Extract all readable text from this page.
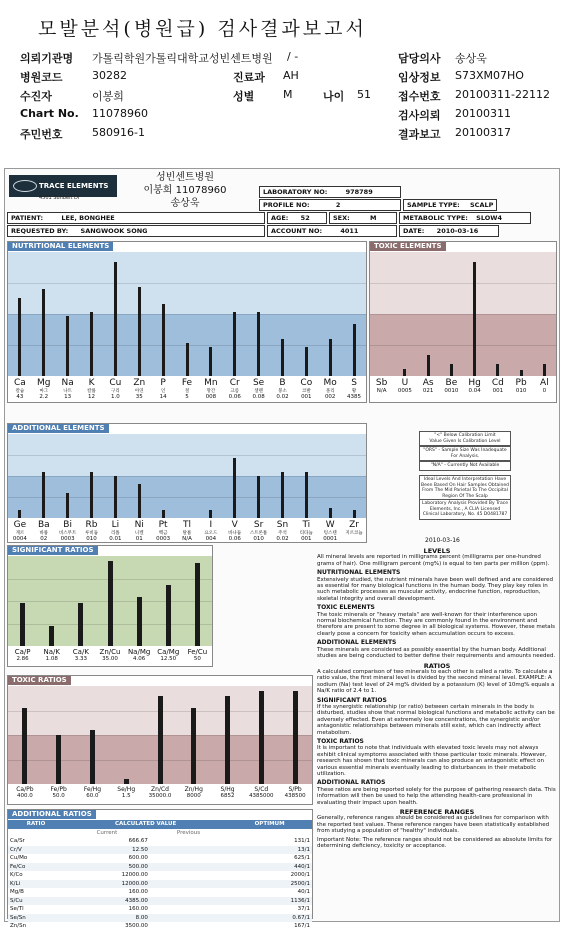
모발분석(병원급) 검사결과보고서
의뢰기관명 가톨릭학원가톨릭대학교성빈센트병원 / -
병원코드	30282
수진자	이봉희
Chart No. 11078960
주민번호	580916-1
진료과 AH
성별	M	나이 51
담당의사 송상욱
임상정보 S73XM07HO
접수번호 20100311-22112
검사의뢰 20100311
결과보고 20100317
TRACE ELEMENTS
4501 Sunbelt Dr
성빈센트병원
이봉희 11078960
송상욱
LABORATORY NO:	978789
PROFILE NO:	2	SAMPLE TYPE: SCALP
PATIENT:	LEE, BONGHEE	AGE: 52	SEX:	M	METABOLIC TYPE: SLOW4
REQUESTED BY: SANGWOOK SONG	ACCOUNT NO:	4011	DATE: 2010-03-16
NUTRITIONAL ELEMENTS
Ca
칼슘
43
Mg
마그
2.2
Na
나트
13
K
칼륨
12
Cu
구리
1.0
Zn
아연
35
P
인
14
Fe
철
5
Mn
망간
008
Cr
크롬
0.06
Se
셀렌
0.08
B
붕소
0.02
Co
코발
001
Mo
몰리
002
S
황
4385
TOXIC ELEMENTS
Sb
N/A
U
0005
As
021
Be
0010
Hg
0.04
Cd
001
Pb
010
Al
0
ADDITIONAL ELEMENTS
Ge
게르
0004
Ba
바륨
02
Bi
비스무트
0003
Rb
루비듐
010
Li
리튬
0.01
Ni
니켈
01
Pt
백금
0003
Tl
탈륨
N/A
I
요오드
004
V
바나듐
0.06
Sr
스트론튬
010
Sn
주석
0.02
Ti
티타늄
001
W
텅스텐
0001
Zr
지르코늄
"<" Below Calibration Limit
Value Given Is Calibration Level
"ORS" - Sample Size Was Inadequate For Analysis.
"N/A" - Currently Not Available
Ideal Levels And Interpretation Have Been Based On Hair Samples Obtained From The Mid Parietal To The Occipital Region Of The Scalp
Laboratory Analysis Provided By Trace Elements, Inc., A CLIA Licensed Clinical Laboratory, No. 45 D0481787
2010-03-16
SIGNIFICANT RATIOS
Ca/P
2.86
Na/K
1.08
Ca/K
3.33
Zn/Cu
35.00
Na/Mg
4.06
Ca/Mg
12.50
Fe/Cu
50
TOXIC RATIOS
Ca/Pb
400.0
Fe/Pb
50.0
Fe/Hg
60.0
Se/Hg
1.5
Zn/Cd
35000.0
Zn/Hg
8000
S/Hg
6852
S/Cd
4385000
S/Pb
438500
ADDITIONAL RATIOS
RATIO	CALCULATED VALUE		OPTIMUM
	Current	Previous	
Ca/Sr	666.67		131/1
Cr/V	12.50		13/1
Cu/Mo	600.00		625/1
Fe/Co	500.00		440/1
K/Co	12000.00		2000/1
K/Li	12000.00		2500/1
Mg/B	160.00		40/1
S/Cu	4385.00		1136/1
Se/Tl	160.00		37/1
Se/Sn	8.00		0.67/1
Zn/Sn	3500.00		167/1
LEVELS

All mineral levels are reported in milligrams percent (milligrams per one-hundred grams of hair). One milligram percent (mg%) is equal to ten parts per million (ppm).

NUTRITIONAL ELEMENTS

Extensively studied, the nutrient minerals have been well defined and are considered as essential for many biological functions in the human body. They play key roles in such metabolic processes as muscular activity, endocrine function, reproduction, skeletal integrity and overall development.

TOXIC ELEMENTS

The toxic minerals or "heavy metals" are well-known for their interference upon normal biochemical function. They are commonly found in the environment and therefore are present to some degree in all biological systems. However, these metals clearly pose a concern for toxicity when accumulation occurs to excess.

ADDITIONAL ELEMENTS

These minerals are considered as possibly essential by the human body. Additional studies are being conducted to better define their requirements and amounts needed.

RATIOS

A calculated comparison of two minerals to each other is called a ratio. To calculate a ratio value, the first mineral level is divided by the second mineral level. EXAMPLE: A sodium (Na) test level of 24 mg% divided by a potassium (K) level of 10mg% equals a Na/K ratio of 2.4 to 1.

SIGNIFICANT RATIOS

If the synergistic relationship (or ratio) between certain minerals in the body is disturbed, studies show that normal biological functions and metabolic activity can be adversely effected. Even at extremely low concentrations, the synergistic and/or antagonistic relationships between minerals still exist, which can indirectly affect metabolism.

TOXIC RATIOS

It is important to note that individuals with elevated toxic levels may not always exhibit clinical symptoms associated with those particular toxic minerals. However, research has shown that toxic minerals can also produce an antagonistic effect on various essential minerals eventually leading to disturbances in their metabolic utilization.

ADDITIONAL RATIOS

These ratios are being reported solely for the purpose of gathering research data. This information will then be used to help the attending health-care professional in evaluating their impact upon health.

REFERENCE RANGES

Generally, reference ranges should be considered as guidelines for comparison with the reported test values. These reference ranges have been statistically established from studying a population of "healthy" individuals.

Important Note: The reference ranges should not be considered as absolute limits for determining deficiency, toxicity or acceptance.
